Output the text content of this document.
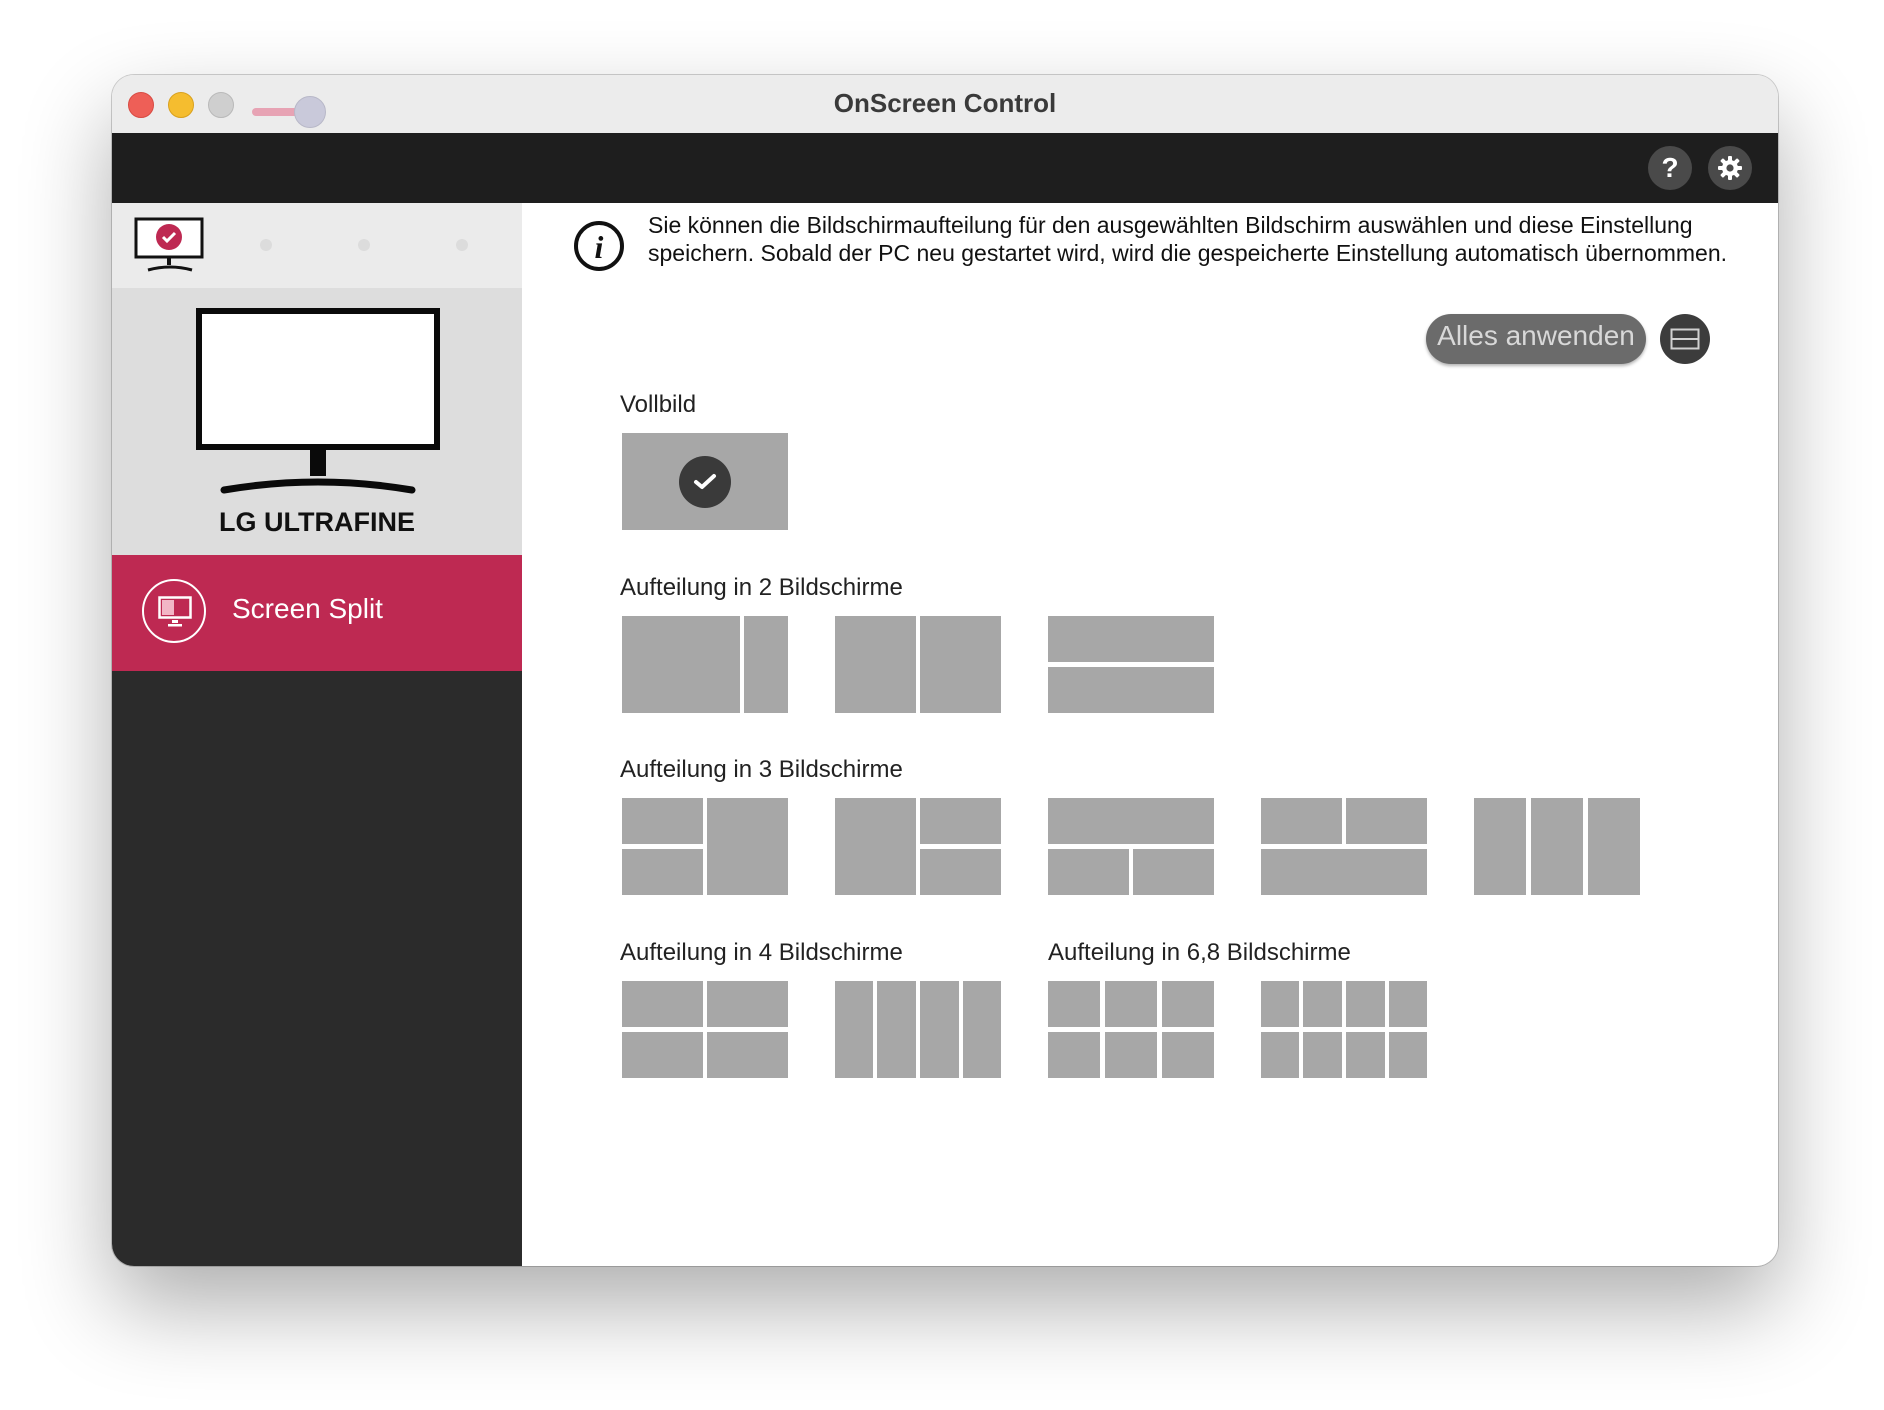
OnScreen Control
?
LG ULTRAFINE
Screen Split
i
Sie können die Bildschirmaufteilung für den ausgewählten Bildschirm auswählen und diese Einstellung speichern. Sobald der PC neu gestartet wird, wird die gespeicherte Einstellung automatisch übernommen.
Alles anwenden
Vollbild
Aufteilung in 2 Bildschirme
Aufteilung in 3 Bildschirme
Aufteilung in 4 Bildschirme	Aufteilung in 6,8 Bildschirme
